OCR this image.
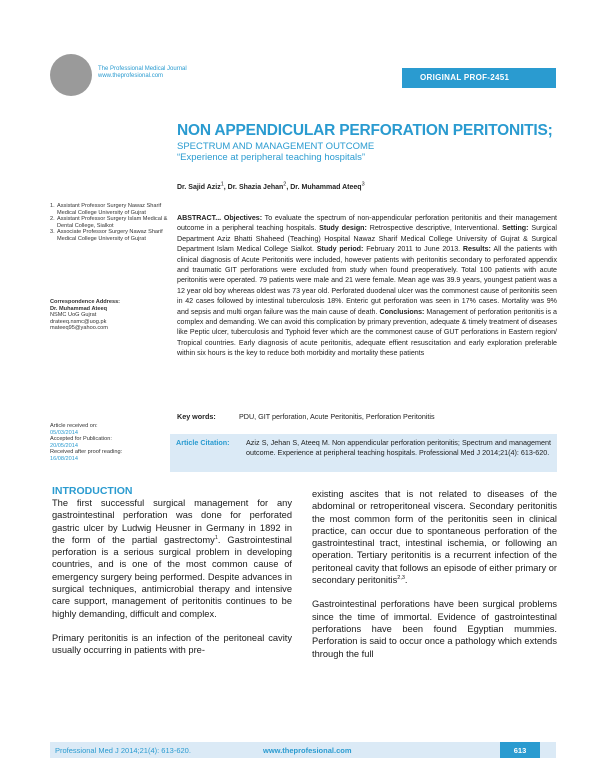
The Professional Medical Journal
www.theprofesional.com	ORIGINAL PROF-2451
NON APPENDICULAR PERFORATION PERITONITIS;
SPECTRUM AND MANAGEMENT OUTCOME
“Experience at peripheral teaching hospitals”
Dr. Sajid Aziz$^1$, Dr. Shazia Jehan$^2$, Dr. Muhammad Ateeq$^3$
1. Assistant Professor Surgery Nawaz Sharif Medical College University of Gujrat
2. Assistant Professor Surgery Islam Medical & Dental College, Sialkot
3. Associate Professor Surgery Nawaz Sharif Medical College University of Gujrat
Correspondence Address:
Dr. Muhammad Ateeq
NSMC UoG Gujrat
drateeq.nsmc@uog.pk
mateeq95@yahoo.com
Article received on:
05/03/2014
Accepted for Publication:
20/05/2014
Received after proof reading:
16/08/2014
ABSTRACT... Objectives: To evaluate the spectrum of non-appendicular perforation peritonitis and their management outcome in a peripheral teaching hospitals. Study design: Retrospective descriptive, Interventional. Setting: Surgical Department Aziz Bhatti Shaheed (Teaching) Hospital Nawaz Sharif Medical College University of Gujrat & Surgical Department Islam Medical College Sialkot. Study period: February 2011 to June 2013. Results: All the patients with clinical diagnosis of Acute Peritonitis were included, however patients with peritonitis secondary to perforated appendix and traumatic GIT perforations were excluded from study when found preoperatively. Total 100 patients with acute peritonitis were operated. 79 patients were male and 21 were female. Mean age was 39.9 years, youngest patient was a 12 year old boy whereas oldest was 73 year old. Perforated duodenal ulcer was the commonest cause of peritonitis seen in 42 cases followed by intestinal tuberculosis 18%. Enteric gut perforation was seen in 17% cases. Mortality was 9% and sepsis and multi organ failure was the main cause of death. Conclusions: Management of perforation peritonitis is a complex and demanding. We can avoid this complication by primary prevention, adequate & timely treatment of diseases like Peptic ulcer, tuberculosis and Typhoid fever which are the commonest cause of GUT perforations in Eastern region/ Tropical countries. Early diagnosis of acute peritonitis, adequate effient resuscitation and early exploration preferable within six hours is the key to reduce both morbidity and mortality these patients
Key words:	PDU, GIT perforation, Acute Peritonitis, Perforation Peritonitis
Article Citation: Aziz S, Jehan S, Ateeq M. Non appendicular perforation peritonitis; Spectrum and management outcome. Experience at peripheral teaching hospitals. Professional Med J 2014;21(4): 613-620.
INTRODUCTION

The first successful surgical management for any gastrointestinal perforation was done for perforated gastric ulcer by Ludwig Heusner in Germany in 1892 in the form of the partial gastrectomy$^1$. Gastrointestinal perforation is a serious surgical problem in developing countries, and is one of the most common cause of emergency surgery being performed. Despite advances in surgical techniques, antimicrobial therapy and intensive care support, management of peritonitis continues to be highly demanding, difficult and complex.

Primary peritonitis is an infection of the peritoneal cavity usually occurring in patients with pre-

existing ascites that is not related to diseases of the abdominal or retroperitoneal viscera. Secondary peritonitis the most common form of the peritonitis seen in clinical practice, can occur due to spontaneous perforation of the gastrointestinal tract, intestinal ischemia, or following an operation. Tertiary peritonitis is a recurrent infection of the peritoneal cavity that follows an episode of either primary or secondary peritonitis$^{2,3}$.

Gastrointestinal perforations have been surgical problems since the time of immortal. Evidence of gastrointestinal perforations have been found Egyptian mummies. Perforation is said to occur once a pathology which extends through the full

Professional Med J 2014;21(4): 613-620.	www.theprofesional.com	613
